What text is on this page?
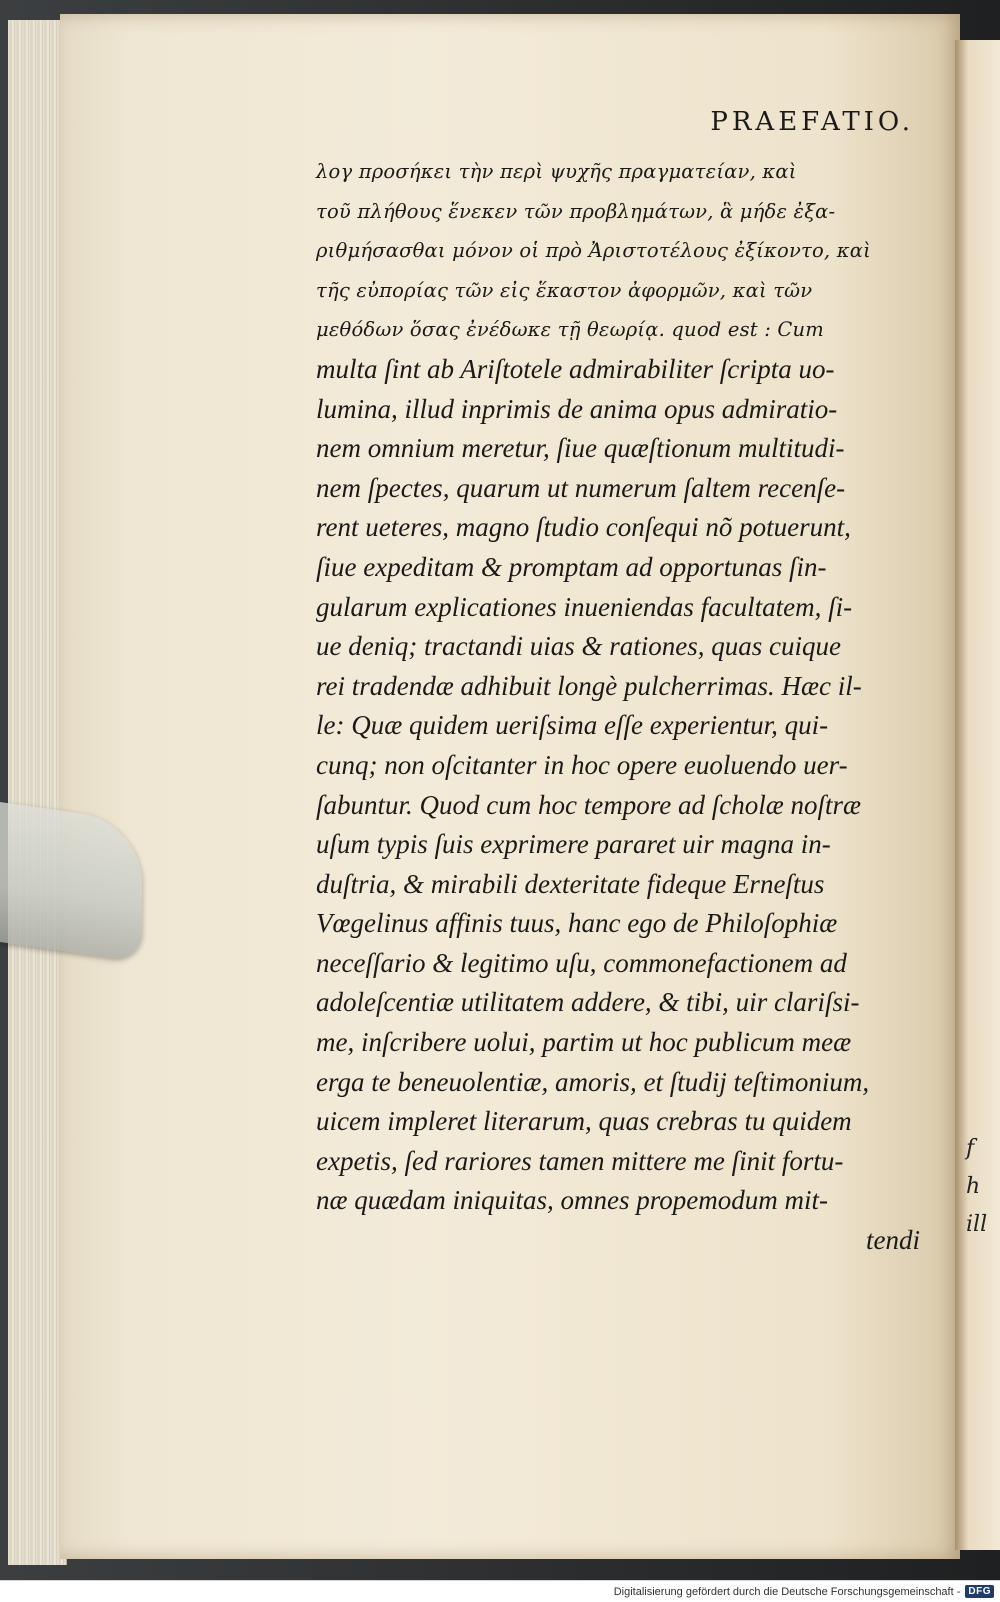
f
h
ill
PRAEFATIO.
λογ προσήκει τὴν περὶ ψυχῆς πραγματείαν, καὶ
τοῦ πλήθους ἕνεκεν τῶν προβλημάτων, ἃ μήδε ἐξα-
ριθμήσασθαι μόνον οἱ πρὸ Ἀριστοτέλους ἐξίκοντο, καὶ
τῆς εὐπορίας τῶν εἰς ἕκαστον ἀφορμῶν, καὶ τῶν
μεθόδων ὅσας ἐνέδωκε τῇ θεωρίᾳ. quod est : Cum
multa ſint ab Ariſtotele admirabiliter ſcripta uo-
lumina, illud inprimis de anima opus admiratio-
nem omnium meretur, ſiue quæſtionum multitudi-
nem ſpectes, quarum ut numerum ſaltem recenſe-
rent ueteres, magno ſtudio conſequi nõ potuerunt,
ſiue expeditam & promptam ad opportunas ſin-
gularum explicationes inueniendas facultatem, ſi-
ue deniq; tractandi uias & rationes, quas cuique
rei tradendæ adhibuit longè pulcherrimas. Hæc il-
le: Quæ quidem ueriſsima eſſe experientur, qui-
cunq; non oſcitanter in hoc opere euoluendo uer-
ſabuntur. Quod cum hoc tempore ad ſcholæ noſtræ
uſum typis ſuis exprimere pararet uir magna in-
duſtria, & mirabili dexteritate fideque Erneſtus
Vœgelinus affinis tuus, hanc ego de Philoſophiæ
neceſſario & legitimo uſu, commonefactionem ad
adoleſcentiæ utilitatem addere, & tibi, uir clariſsi-
me, inſcribere uolui, partim ut hoc publicum meæ
erga te beneuolentiæ, amoris, et ſtudij teſtimonium,
uicem impleret literarum, quas crebras tu quidem
expetis, ſed rariores tamen mittere me ſinit fortu-
næ quædam iniquitas, omnes propemodum mit-
tendi
Digitalisierung gefördert durch die Deutsche Forschungsgemeinschaft - DFG
